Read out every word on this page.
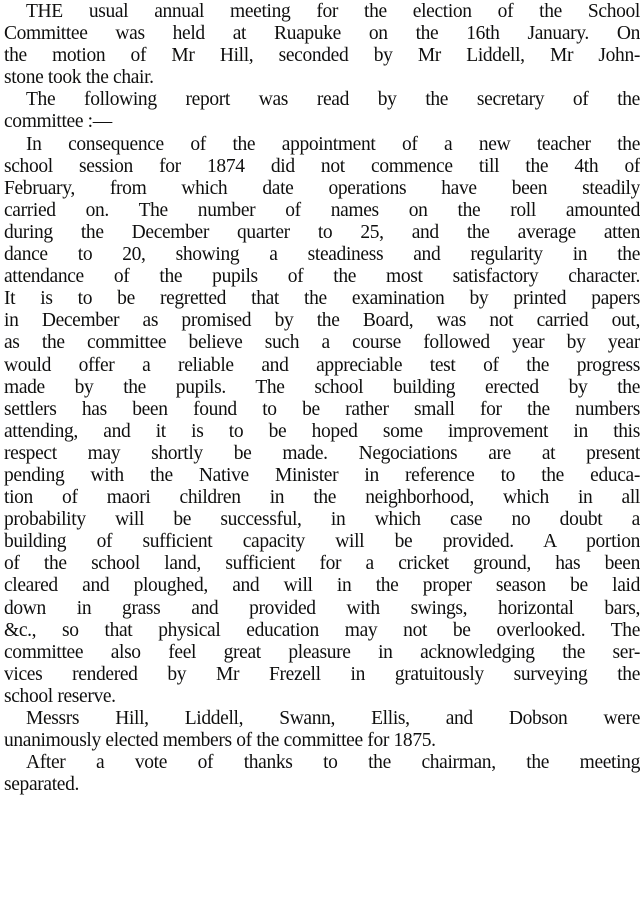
THE usual annual meeting for the election of the School
Committee was held at Ruapuke on the 16th January. On
the motion of Mr Hill, seconded by Mr Liddell, Mr John-
stone took the chair.
The following report was read by the secretary of the
committee :—
In consequence of the appointment of a new teacher the
school session for 1874 did not commence till the 4th of
February, from which date operations have been steadily
carried on. The number of names on the roll amounted
during the December quarter to 25, and the average atten
dance to 20, showing a steadiness and regularity in the
attendance of the pupils of the most satisfactory character.
It is to be regretted that the examination by printed papers
in December as promised by the Board, was not carried out,
as the committee believe such a course followed year by year
would offer a reliable and appreciable test of the progress
made by the pupils. The school building erected by the
settlers has been found to be rather small for the numbers
attending, and it is to be hoped some improvement in this
respect may shortly be made. Negociations are at present
pending with the Native Minister in reference to the educa-
tion of maori children in the neighborhood, which in all
probability will be successful, in which case no doubt a
building of sufficient capacity will be provided. A portion
of the school land, sufficient for a cricket ground, has been
cleared and ploughed, and will in the proper season be laid
down in grass and provided with swings, horizontal bars,
&c., so that physical education may not be overlooked. The
committee also feel great pleasure in acknowledging the ser-
vices rendered by Mr Frezell in gratuitously surveying the
school reserve.
Messrs Hill, Liddell, Swann, Ellis, and Dobson were
unanimously elected members of the committee for 1875.
After a vote of thanks to the chairman, the meeting
separated.
